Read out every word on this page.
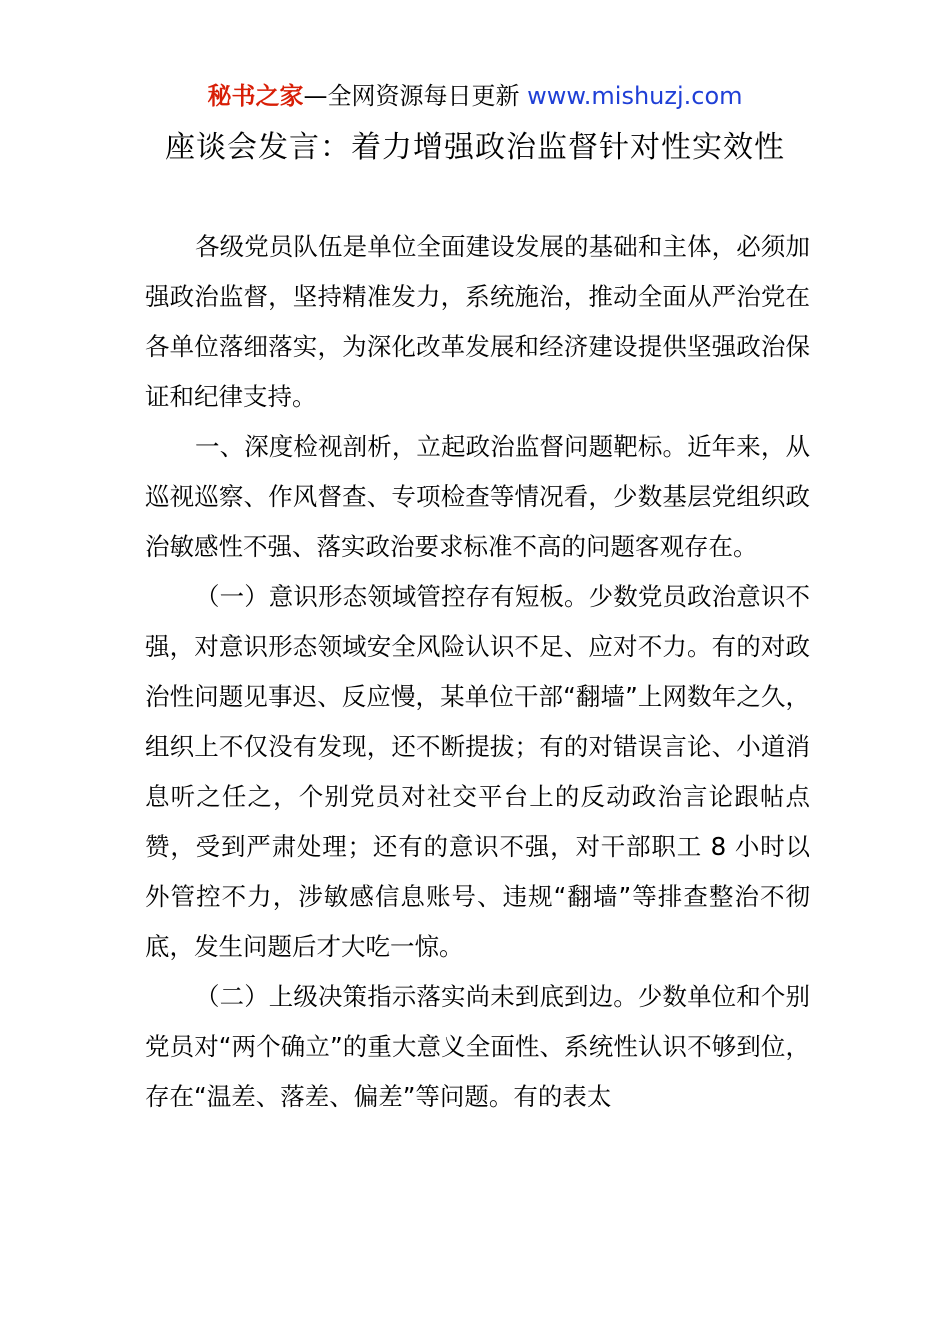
秘书之家—全网资源每日更新 www.mishuzj.com
座谈会发言：着力增强政治监督针对性实效性

各级党员队伍是单位全面建设发展的基础和主体，必须加强政治监督，坚持精准发力，系统施治，推动全面从严治党在各单位落细落实，为深化改革发展和经济建设提供坚强政治保证和纪律支持。

一、深度检视剖析，立起政治监督问题靶标。近年来，从巡视巡察、作风督查、专项检查等情况看，少数基层党组织政治敏感性不强、落实政治要求标准不高的问题客观存在。

（一）意识形态领域管控存有短板。少数党员政治意识不强，对意识形态领域安全风险认识不足、应对不力。有的对政治性问题见事迟、反应慢，某单位干部“翻墙”上网数年之久，组织上不仅没有发现，还不断提拔；有的对错误言论、小道消息听之任之，个别党员对社交平台上的反动政治言论跟帖点赞，受到严肃处理；还有的意识不强，对干部职工 8 小时以外管控不力，涉敏感信息账号、违规“翻墙”等排查整治不彻底，发生问题后才大吃一惊。

（二）上级决策指示落实尚未到底到边。少数单位和个别党员对“两个确立”的重大意义全面性、系统性认识不够到位，存在“温差、落差、偏差”等问题。有的表太
